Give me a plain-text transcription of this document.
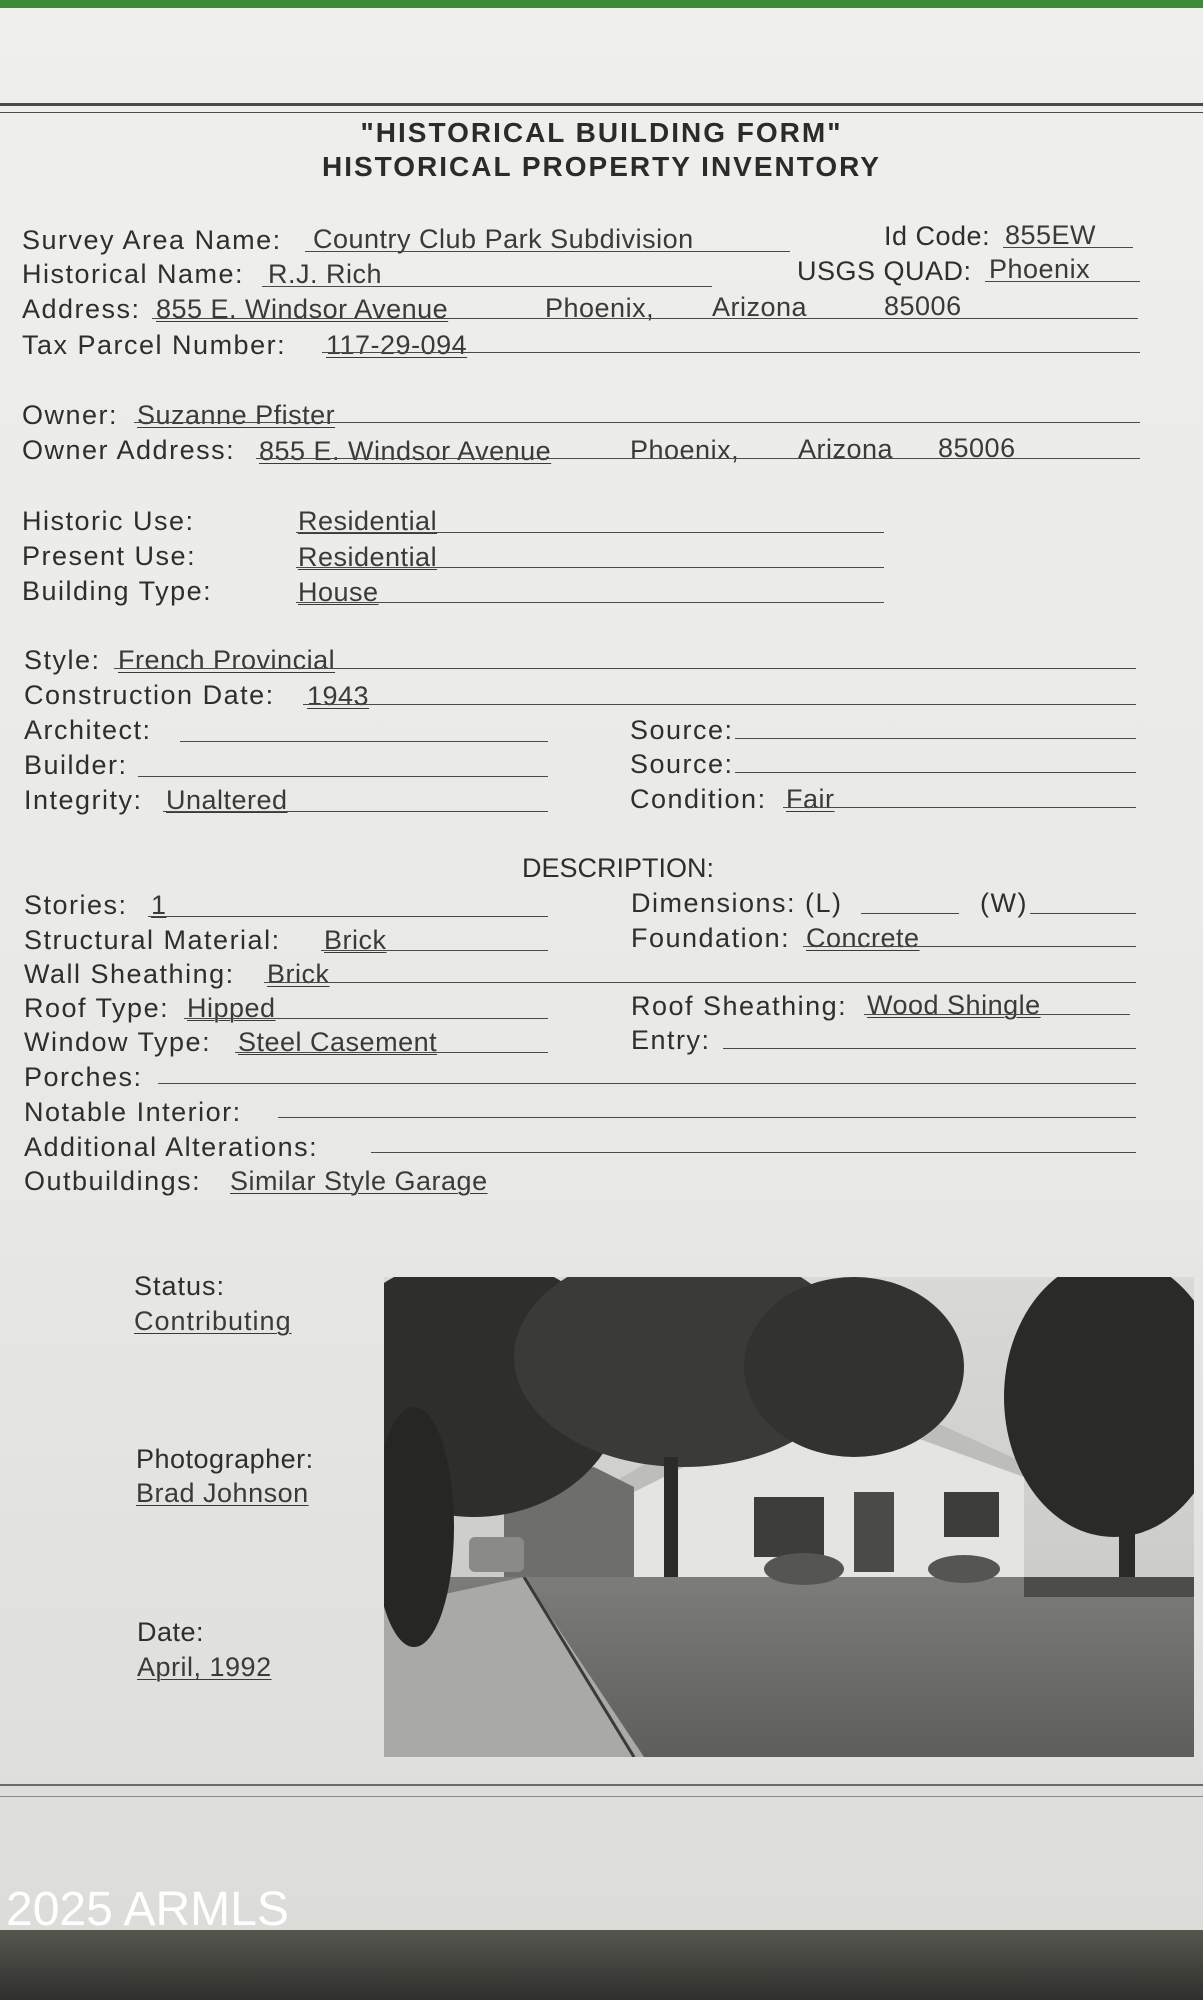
"HISTORICAL BUILDING FORM"
HISTORICAL PROPERTY INVENTORY
Survey Area Name: Country Club Park Subdivision	Id Code: 855EW
Historical Name: R.J. Rich	USGS QUAD: Phoenix
Address: 855 E. Windsor Avenue	Phoenix, Arizona	85006
Tax Parcel Number: 117-29-094
Owner: Suzanne Pfister
Owner Address: 855 E. Windsor Avenue	Phoenix, Arizona 85006
Historic Use:	Residential
Present Use:	Residential
Building Type:	House
Style: French Provincial
Construction Date: 1943
Architect:	Source:
Builder:	Source:
Integrity: Unaltered	Condition: Fair
DESCRIPTION:
Stories: 1	Dimensions: (L)	(W)
Structural Material: Brick	Foundation: Concrete
Wall Sheathing: Brick
Roof Type: Hipped	Roof Sheathing: Wood Shingle
Window Type: Steel Casement	Entry:
Porches:
Notable Interior:
Additional Alterations:
Outbuildings: Similar Style Garage
Status:
Contributing
Photographer:
Brad Johnson
Date:
April, 1992
2025 ARMLS
